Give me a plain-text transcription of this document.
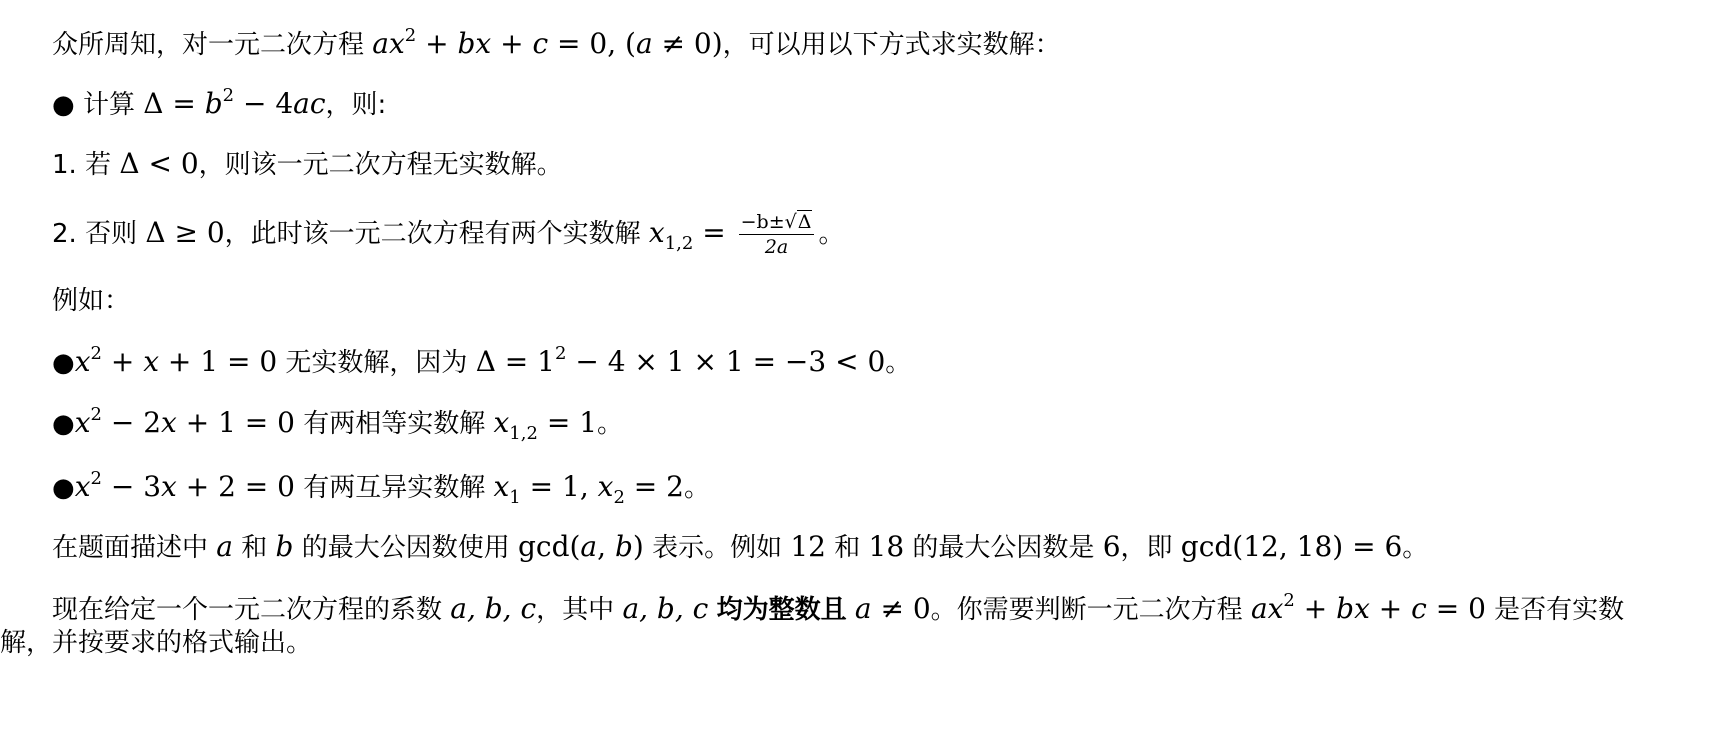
众所周知，对一元二次方程 $ax^2$ + bx + c = 0, (a ≠ 0)，可以用以下方式求实数解：
● 计算 $\Delta = b^2 - 4ac$，则:
1. 若 Δ < 0，则该一元二次方程无实数解。
2. 否则 Δ ≥ 0，此时该一元二次方程有两个实数解 $x_{1,2} = \frac{-b\pm√\Delta}{2a}$ 。
例如：
$●x^2 + x + 1 = 0$ 无实数解，因为 $\Delta = 1^2 - 4 \times 1 \times 1 = -3 < 0$。
$●x^2 - 2x + 1 = 0$ 有两相等实数解 $x_{1,2} = 1$。
$●x^2 - 3x + 2 = 0$ 有两互异实数解 $x_1 = 1$, $x_2 = 2$。
在题面描述中 a 和 b 的最大公因数使用 gcd(a, b) 表示。例如 12 和 18 的最大公因数是 6，即 gcd(12, 18) = 6。
现在给定一个一元二次方程的系数 a, b, c，其中 a, b, c 均为整数且 a ≠ 0。你需要判断一元二次方程 $ax^2$ + bx + c = 0 是否有实数
解，并按要求的格式输出。
